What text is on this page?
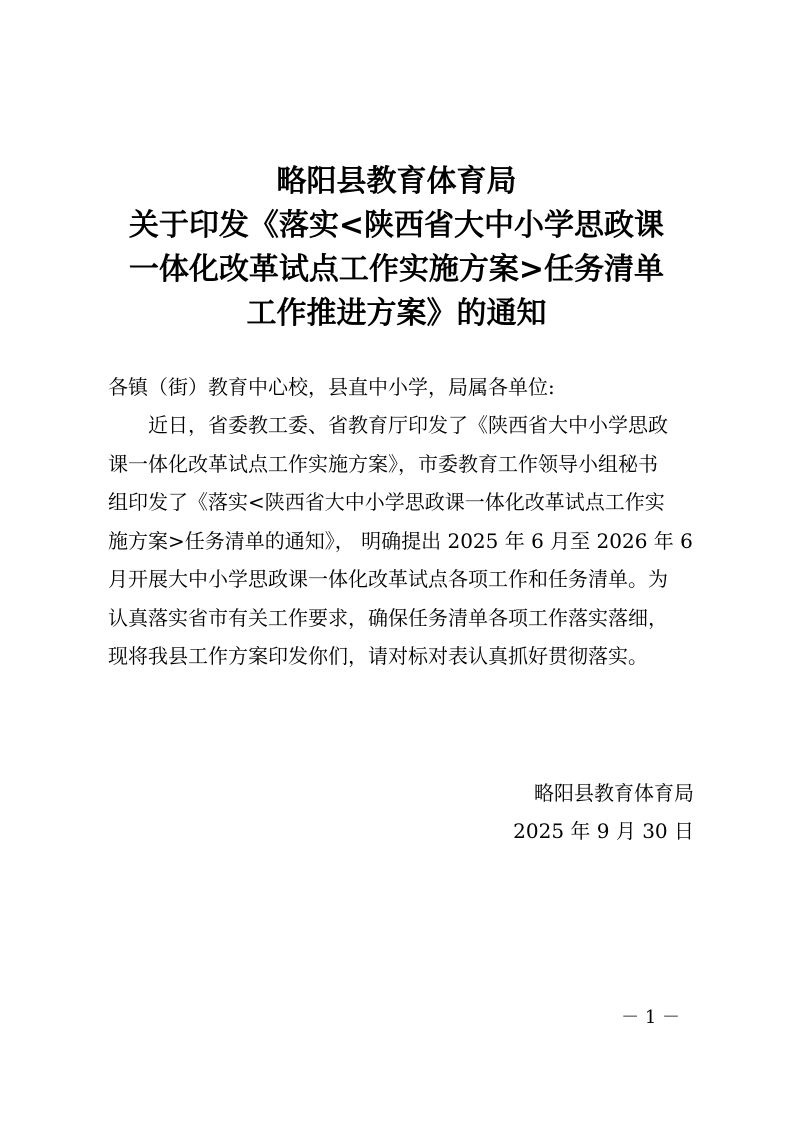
略阳县教育体育局
关于印发《落实<陕西省大中小学思政课
一体化改革试点工作实施方案>任务清单
工作推进方案》的通知
各镇（街）教育中心校，县直中小学，局属各单位:
近日，省委教工委、省教育厅印发了《陕西省大中小学思政
课一体化改革试点工作实施方案》，市委教育工作领导小组秘书
组印发了《落实<陕西省大中小学思政课一体化改革试点工作实
施方案>任务清单的通知》， 明确提出 2025 年 6 月至 2026 年 6
月开展大中小学思政课一体化改革试点各项工作和任务清单。为
认真落实省市有关工作要求，确保任务清单各项工作落实落细，
现将我县工作方案印发你们，请对标对表认真抓好贯彻落实。
略阳县教育体育局
2025 年 9 月 30 日
－ 1 －
